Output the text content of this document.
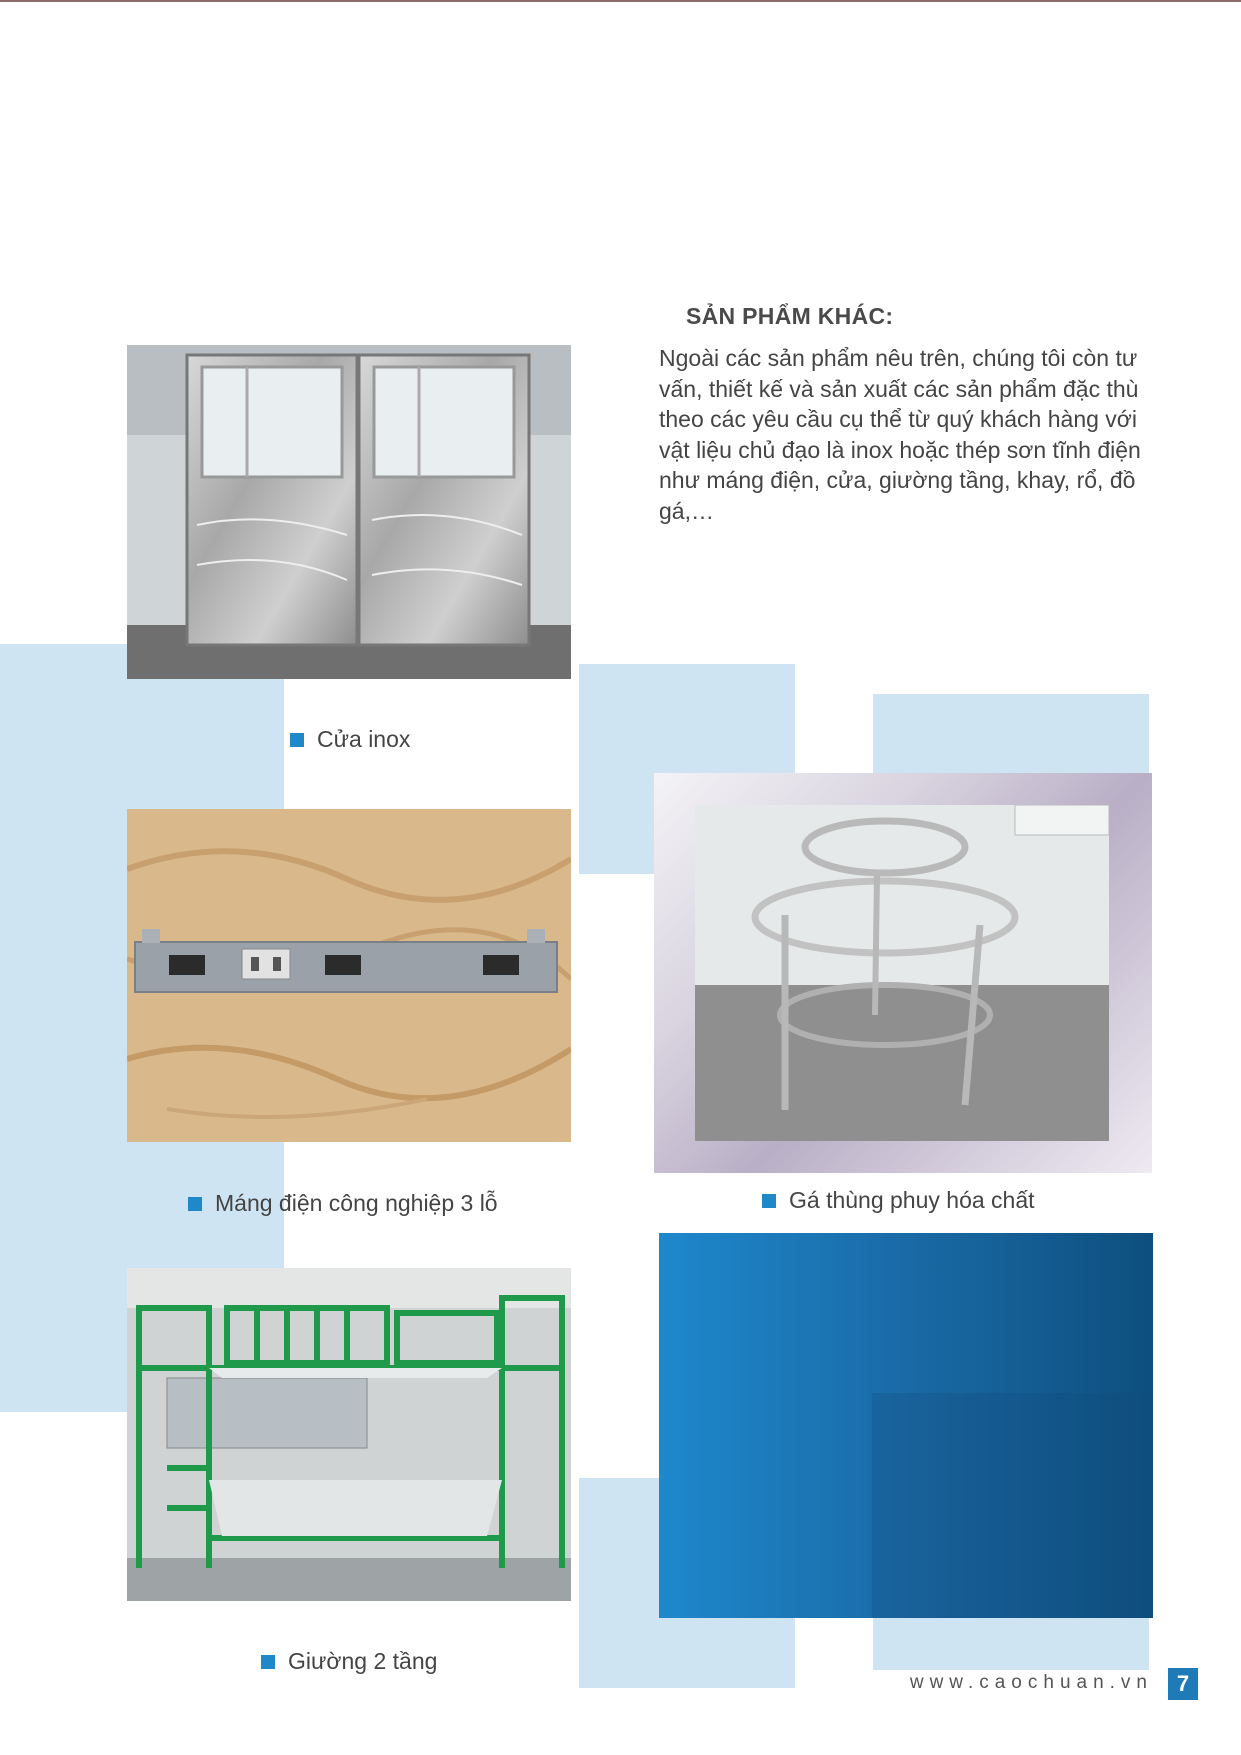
SẢN PHẨM KHÁC:
Ngoài các sản phẩm nêu trên, chúng tôi còn tư vấn, thiết kế và sản xuất các sản phẩm đặc thù theo các yêu cầu cụ thể từ quý khách hàng với vật liệu chủ đạo là inox hoặc thép sơn tĩnh điện như máng điện, cửa, giường tầng, khay, rổ, đồ gá,…
Cửa inox
Máng điện công nghiệp 3 lỗ	Gá thùng phuy hóa chất
Giường 2 tầng
www.caochuan.vn	7
